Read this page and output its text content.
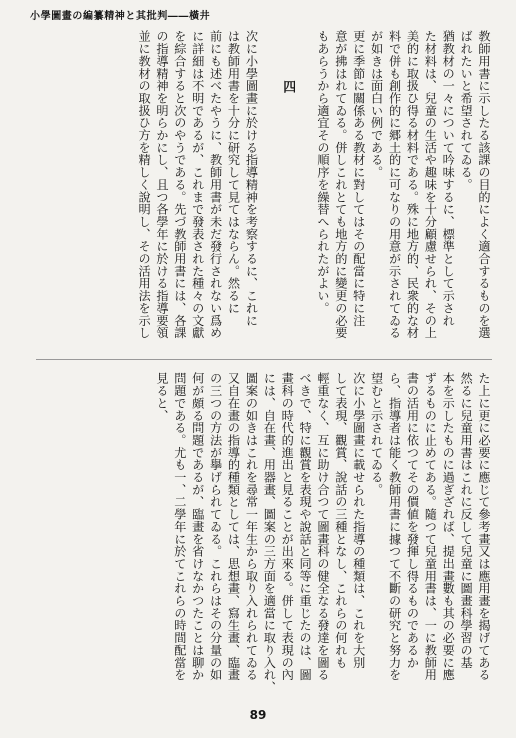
小學圖畫の編纂精神と其批判――橫井
教師用書に示したる該課の目的によく適合するものを選
ばれたいと希望されてゐる。
猶教材の一々について吟味するに、標準として示され
た材料は、兒童の生活や趣味を十分顧慮せられ、その上
美的に取扱ひ得る材料である。殊に地方的、民衆的な材
料で併も創作的に郷土的に可なりの用意が示されてゐる
が如きは面白い例である。
更に季節に關係ある教材に對してはその配當に特に注
意が拂はれてゐる。併しこれとても地方的に變更の必要
もあらうから適宜その順序を繰替へられたがよい。
四
次に小學圖畫に於ける指導精神を考察するに、これに
は教師用書を十分に研究して見てはならん。然るに
前にも述べたやうに、教師用書が未だ發行されない爲め
に詳細は不明であるが、これまで發表された種々の文獻
を綜合すると次のやうである。先づ教師用書には、各課
の指導精神を明らかにし、且つ各學年に於ける指導要領
並に教材の取扱ひ方を精しく說明し、その活用法を示し
た上に更に必要に應じて參考畫又は應用畫を揭げてある
然るに兒童用書はこれに反して兒童に圖畫科學習の基
本を示したものに過ぎざれば、提出畫數も其の必要に應
ずるものに止めてある。隨つて兒童用書は、一に教師用
書の活用に依つてその價値を發揮し得るものであるか
ら、指導者は能く教師用書に據つて不斷の研究と努力を
望むと示されてゐる。
次に小學圖畫に載せられた指導の種類は、これを大別
して表現、觀賞、說話の三種となし、これらの何れも
輕重なく、互に助け合つて圖畫科の健全なる發達を圖る
べきで、特に觀賞を表現や說話と同等に重じたのは、圖
畫科の時代的進出と見ることが出來る。併して表現の內
には、自在畫、用器畫、圖案の三方面を適當に取り入れ、
圖案の如きはこれを尋常一年生から取り入れられてゐる
又自在畫の指導的種類としては、思想畫、寫生畫、臨畫
の三つの方法が擧げられてゐる。これらはその分量の如
何が頗る問題であるが、臨畫を省けなかつたことは聊か
問題である。尤も一、二學年に於てこれらの時間配當を
見ると、
89
